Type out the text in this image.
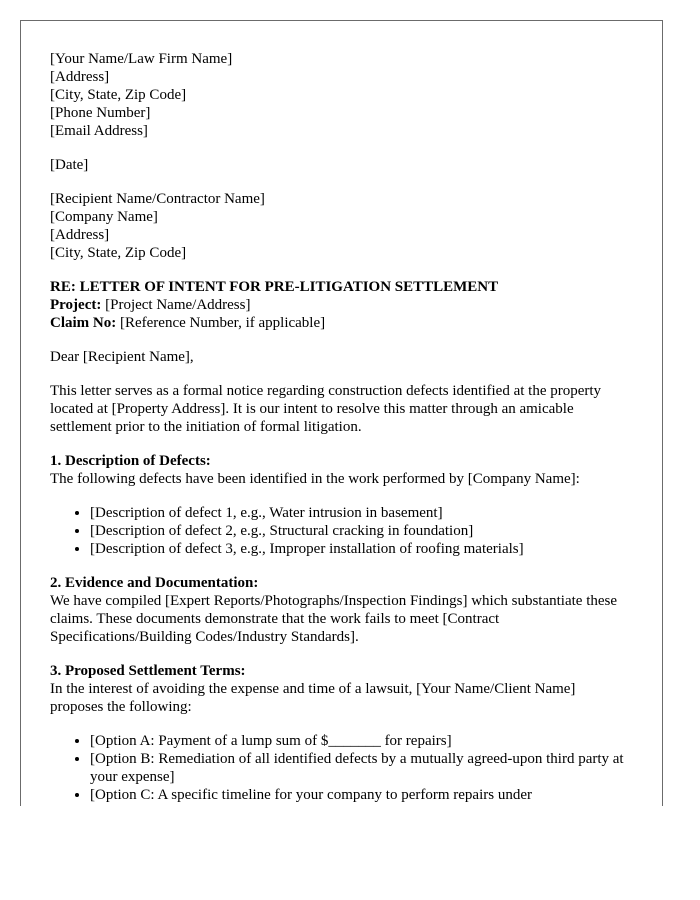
[Your Name/Law Firm Name]
[Address]
[City, State, Zip Code]
[Phone Number]
[Email Address]
[Date]
[Recipient Name/Contractor Name]
[Company Name]
[Address]
[City, State, Zip Code]
RE: LETTER OF INTENT FOR PRE-LITIGATION SETTLEMENT
Project: [Project Name/Address]
Claim No: [Reference Number, if applicable]
Dear [Recipient Name],
This letter serves as a formal notice regarding construction defects identified at the property located at [Property Address]. It is our intent to resolve this matter through an amicable settlement prior to the initiation of formal litigation.
1. Description of Defects:
The following defects have been identified in the work performed by [Company Name]:
• [Description of defect 1, e.g., Water intrusion in basement]
• [Description of defect 2, e.g., Structural cracking in foundation]
• [Description of defect 3, e.g., Improper installation of roofing materials]
2. Evidence and Documentation:
We have compiled [Expert Reports/Photographs/Inspection Findings] which substantiate these claims. These documents demonstrate that the work fails to meet [Contract Specifications/Building Codes/Industry Standards].
3. Proposed Settlement Terms:
In the interest of avoiding the expense and time of a lawsuit, [Your Name/Client Name] proposes the following:
• [Option A: Payment of a lump sum of $_______ for repairs]
• [Option B: Remediation of all identified defects by a mutually agreed-upon third party at your expense]
• [Option C: A specific timeline for your company to perform repairs under
